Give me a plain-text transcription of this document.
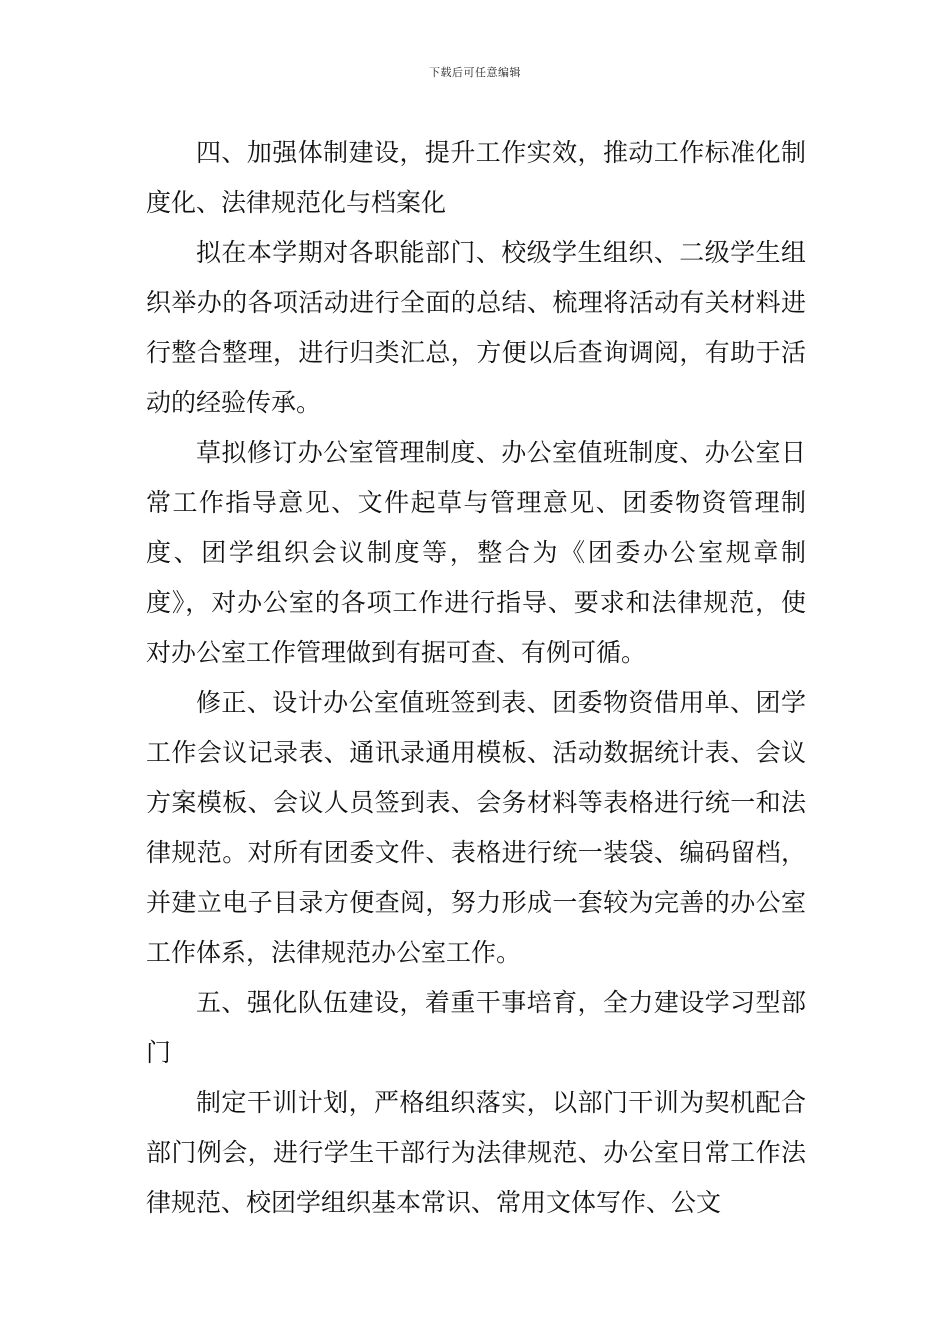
下载后可任意编辑

四、加强体制建设，提升工作实效，推动工作标准化制度化、法律规范化与档案化

拟在本学期对各职能部门、校级学生组织、二级学生组织举办的各项活动进行全面的总结、梳理将活动有关材料进行整合整理，进行归类汇总，方便以后查询调阅，有助于活动的经验传承。

草拟修订办公室管理制度、办公室值班制度、办公室日常工作指导意见、文件起草与管理意见、团委物资管理制度、团学组织会议制度等，整合为《团委办公室规章制度》，对办公室的各项工作进行指导、要求和法律规范，使对办公室工作管理做到有据可查、有例可循。

修正、设计办公室值班签到表、团委物资借用单、团学工作会议记录表、通讯录通用模板、活动数据统计表、会议方案模板、会议人员签到表、会务材料等表格进行统一和法律规范。对所有团委文件、表格进行统一装袋、编码留档，并建立电子目录方便查阅，努力形成一套较为完善的办公室工作体系，法律规范办公室工作。

五、强化队伍建设，着重干事培育，全力建设学习型部门

制定干训计划，严格组织落实，以部门干训为契机配合部门例会，进行学生干部行为法律规范、办公室日常工作法律规范、校团学组织基本常识、常用文体写作、公文
